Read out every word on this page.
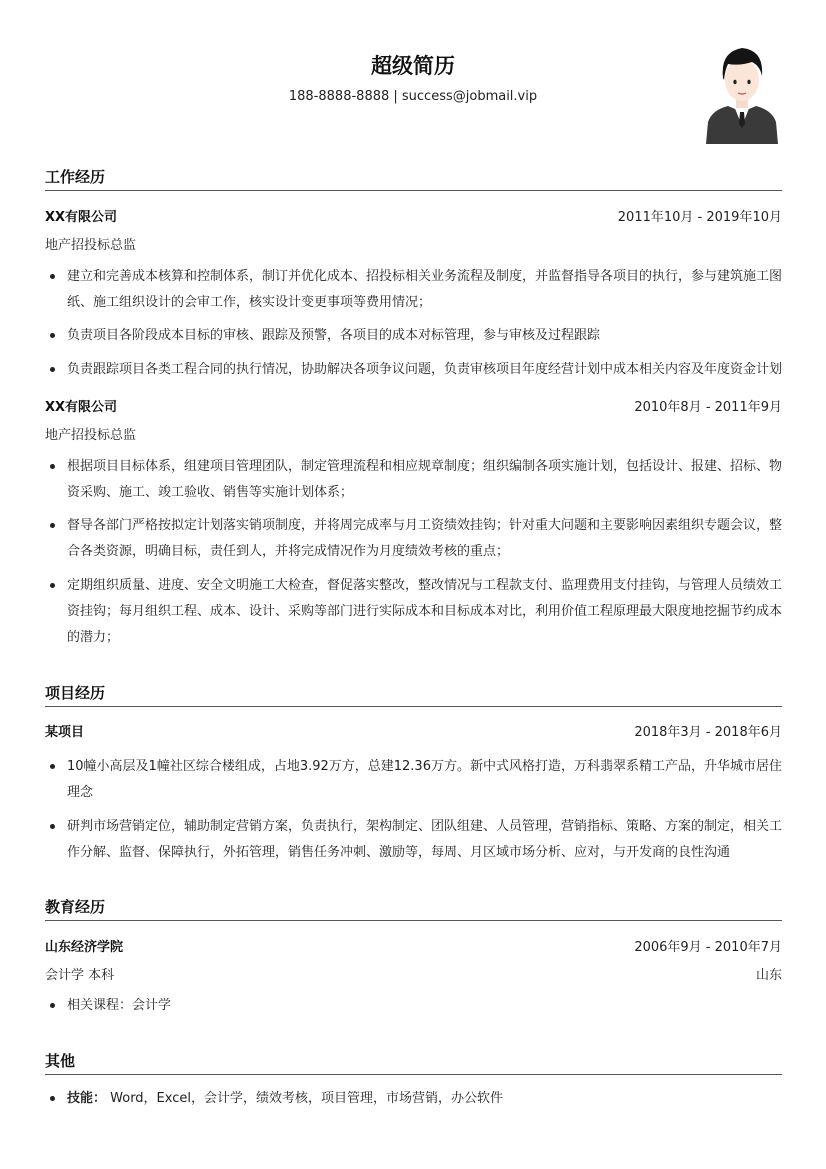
超级简历
188-8888-8888 | success@jobmail.vip
工作经历
XX有限公司	2011年10月 - 2019年10月
地产招投标总监
建立和完善成本核算和控制体系，制订并优化成本、招投标相关业务流程及制度，并监督指导各项目的执行，参与建筑施工图纸、施工组织设计的会审工作，核实设计变更事项等费用情况；
负责项目各阶段成本目标的审核、跟踪及预警，各项目的成本对标管理，参与审核及过程跟踪
负责跟踪项目各类工程合同的执行情况，协助解决各项争议问题，负责审核项目年度经营计划中成本相关内容及年度资金计划
XX有限公司	2010年8月 - 2011年9月
地产招投标总监
根据项目目标体系，组建项目管理团队，制定管理流程和相应规章制度；组织编制各项实施计划，包括设计、报建、招标、物资采购、施工、竣工验收、销售等实施计划体系；
督导各部门严格按拟定计划落实销项制度，并将周完成率与月工资绩效挂钩；针对重大问题和主要影响因素组织专题会议，整合各类资源，明确目标，责任到人，并将完成情况作为月度绩效考核的重点；
定期组织质量、进度、安全文明施工大检查，督促落实整改，整改情况与工程款支付、监理费用支付挂钩，与管理人员绩效工资挂钩；每月组织工程、成本、设计、采购等部门进行实际成本和目标成本对比，利用价值工程原理最大限度地挖掘节约成本的潜力；
项目经历
某项目	2018年3月 - 2018年6月
10幢小高层及1幢社区综合楼组成，占地3.92万方，总建12.36万方。新中式风格打造，万科翡翠系精工产品，升华城市居住理念
研判市场营销定位，辅助制定营销方案，负责执行，架构制定、团队组建、人员管理，营销指标、策略、方案的制定，相关工作分解、监督、保障执行，外拓管理，销售任务冲刺、激励等，每周、月区域市场分析、应对，与开发商的良性沟通
教育经历
山东经济学院	2006年9月 - 2010年7月
会计学 本科	山东
相关课程：会计学
其他
技能： Word，Excel，会计学，绩效考核，项目管理，市场营销，办公软件
